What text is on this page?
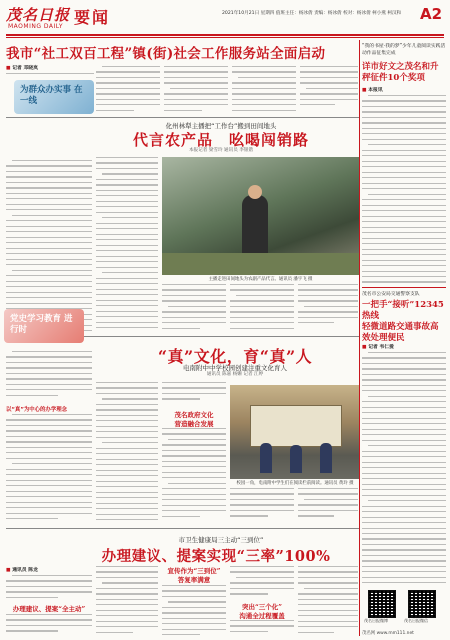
茂名日报
MAOMING DAILY 要闻	2021年10月21日 星期四 值班主任：杨冰倩 责编：杨冰倩 校对：杨冰倩 柯小燕 柯汉和 A2
我市“社工双百工程”镇(街)社会工作服务站全面启动
■ 记者 邓晓岚
为群众办实事 在一线
化州林犁主播把“工作台”搬到田间地头
代言农产品　吆喝闯销路
本报记者 梁雪玲 通讯员 李银锴
主播走进田间地头为农副产品代言。通讯员 潘宇飞 摄
党史学习教育 进行时
“真”文化，育“真”人
电南附中中学校园创建注重文化育人
通讯员 陈嘉 杨姗 记者 江婷
以“真”为中心的办学理念
茂名政府文化
营造融合发展
校园一角，电南附中学生们在阅读栏前阅读。通讯员 黄玲 摄
市卫生健康局三主动“三到位”
办理建议、提案实现“三率”100%
■ 通讯员 陈龙
办理建议、提案“全主动”
宣传作为“三到位”
答复率满意
突出“三个化”
沟通全过程覆盖
“我的书屋·我的梦”少年儿童阅读实践活动作品征集完成
详市好文之茂名和升秤征件10个奖项
■ 本报讯
茂名市公安局交通警察支队
一把手“接听”12345热线
轻微道路交通事故高效处理便民
■ 记者 韦仁爱
茂名日报微博	茂名日报微信
茂名网 www.mm111.net
